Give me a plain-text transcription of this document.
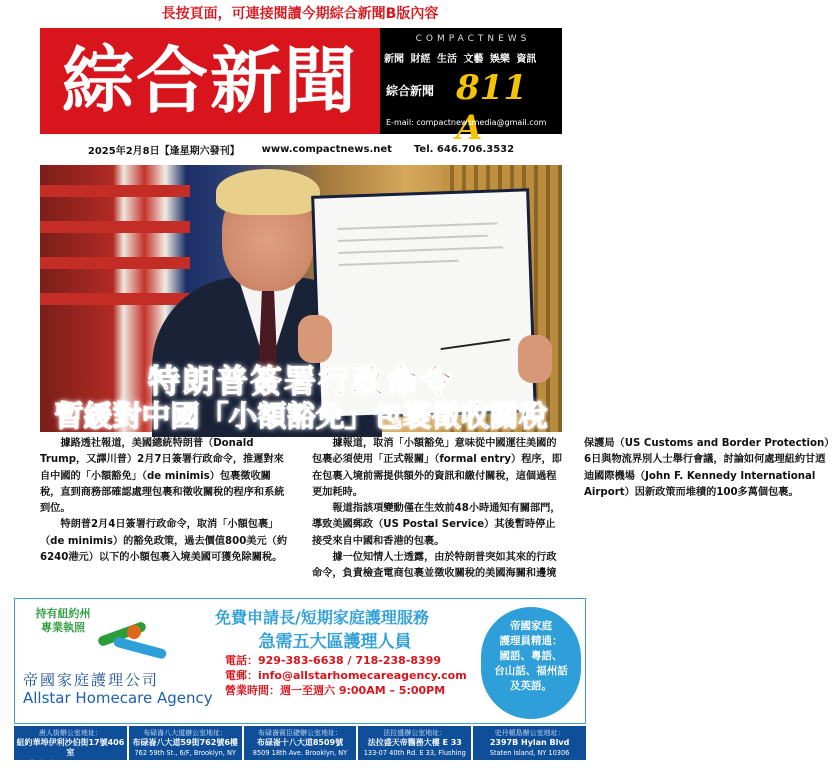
長按頁面，可連接閱讀今期綜合新聞B版內容
綜合新聞	COMPACTNEWS
新聞 財經 生活 文藝 娛樂 資訊
綜合新聞 811 A
E-mail: compactnewsmedia@gmail.com
2025年2月8日【逢星期六發刊】 www.compactnews.net Tel. 646.706.3532
特朗普簽署行政命令
暫緩對中國「小額豁免」包裹徵收關稅

據路透社報道，美國總統特朗普（Donald Trump，又譯川普）2月7日簽署行政命令，推遲對來自中國的「小額豁免」（de minimis）包裹徵收關稅，直到商務部確認處理包裹和徵收關稅的程序和系統到位。

特朗普2月4日簽署行政命令，取消「小額包裹」（de minimis）的豁免政策，過去價值800美元（約6240港元）以下的小額包裹入境美國可獲免除關稅。

據報道，取消「小額豁免」意味從中國運往美國的包裹必須使用「正式報關」（formal entry）程序，即在包裹入境前需提供額外的資訊和繳付關稅，這個過程更加耗時。

報道指該項變動僅在生效前48小時通知有關部門，導致美國郵政（US Postal Service）其後暫時停止接受來自中國和香港的包裹。

據一位知情人士透露，由於特朗普突如其來的行政命令，負責檢查電商包裹並徵收關稅的美國海關和邊境保護局（US Customs and Border Protection）6日與物流界別人士舉行會議，討論如何處理紐約甘迺迪國際機場（John F. Kennedy International Airport）因新政策而堆積的100多萬個包裹。

持有紐約州
專業執照
帝國家庭護理公司
Allstar Homecare Agency
免費申請長/短期家庭護理服務
急需五大區護理人員
電話：929-383-6638 / 718-238-8399
電郵：info@allstarhomecareagency.com
營業時間：週一至週六 9:00AM – 5:00PM
帝國家庭
護理員精通：
國語、粵語、
台山話、福州話
及英語。
唐人街辦公室地址：
紐約華埠伊利沙伯街17號406室
17 Elizabeth St., #406, NY 10013
布碌崙八大道辦公室地址：
布碌崙八大道59街762號6樓
762 59th St., 6/F, Brooklyn, NY 11220
布碌崙賓臣礎辦公室地址：
布碌崙十八大道8509號
8509 18th Ave. Brooklyn, NY 11214
法拉盛辦公室地址：
法拉盛天帝醫務大樓 E 33
133-07 40th Rd. E 33, Flushing 11354
史丹頓島辦公室地址：
2397B Hylan Blvd
Staten Island, NY 10306
